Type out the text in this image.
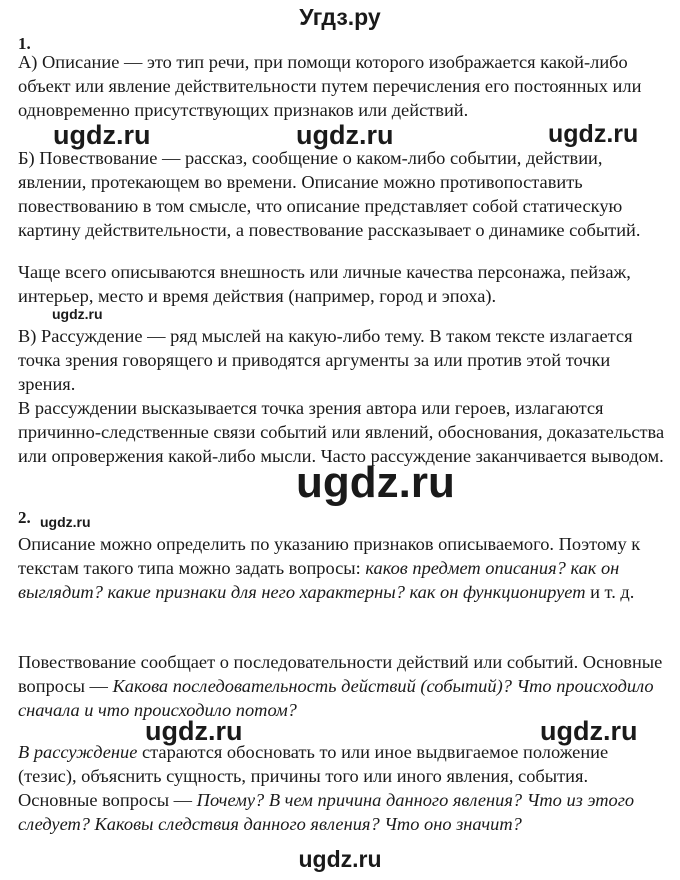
Угдз.ру
1.

А) Описание — это тип речи, при помощи которого изображается какой-либо объект или явление действительности путем перечисления его постоянных или одновременно присутствующих признаков или действий.

ugdz.ru	ugdz.ru	ugdz.ru

Б) Повествование — рассказ, сообщение о каком-либо событии, действии, явлении, протекающем во времени. Описание можно противопоставить повествованию в том смысле, что описание представляет собой статическую картину действительности, а повествование рассказывает о динамике событий.

Чаще всего описываются внешность или личные качества персонажа, пейзаж, интерьер, место и время действия (например, город и эпоха).

ugdz.ru

В) Рассуждение — ряд мыслей на какую-либо тему. В таком тексте излагается точка зрения говорящего и приводятся аргументы за или против этой точки зрения.

В рассуждении высказывается точка зрения автора или героев, излагаются причинно-следственные связи событий или явлений, обоснования, доказательства или опровержения какой-либо мысли. Часто рассуждение заканчивается выводом.

ugdz.ru
2. ugdz.ru

Описание можно определить по указанию признаков описываемого. Поэтому к текстам такого типа можно задать вопросы: каков предмет описания? как он выглядит? какие признаки для него характерны? как он функционирует и т. д.

Повествование сообщает о последовательности действий или событий. Основные вопросы — Какова последовательность действий (событий)? Что происходило сначала и что происходило потом?

ugdz.ru	ugdz.ru

В рассуждение стараются обосновать то или иное выдвигаемое положение (тезис), объяснить сущность, причины того или иного явления, события. Основные вопросы — Почему? В чем причина данного явления? Что из этого следует? Каковы следствия данного явления? Что оно значит?

ugdz.ru
